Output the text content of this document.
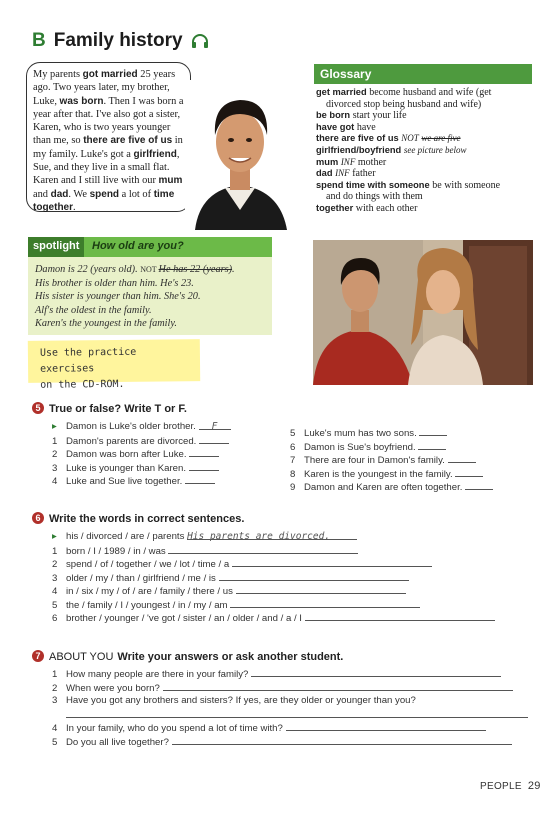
B Family history
My parents got married 25 years ago. Two years later, my brother, Luke, was born. Then I was born a year after that. I've also got a sister, Karen, who is two years younger than me, so there are five of us in my family. Luke's got a girlfriend, Sue, and they live in a small flat. Karen and I still live with our mum and dad. We spend a lot of time together.
Glossary
get married become husband and wife (get
divorced stop being husband and wife)
be born start your life
have got have
there are five of us NOT we are five
girlfriend/boyfriend see picture below
mum INF mother
dad INF father
spend time with someone be with someone
and do things with them
together with each other
spotlight	How old are you?
Damon is 22 (years old). NOT He has 22 (years).
His brother is older than him. He's 23.
His sister is younger than him. She's 20.
Alf's the oldest in the family.
Karen's the youngest in the family.
Use the practice exercises
on the CD-ROM.
5 True or false? Write T or F.
▸ Damon is Luke's older brother. F
1 Damon's parents are divorced.
2 Damon was born after Luke.
3 Luke is younger than Karen.
4 Luke and Sue live together.
5 Luke's mum has two sons.
6 Damon is Sue's boyfriend.
7 There are four in Damon's family.
8 Karen is the youngest in the family.
9 Damon and Karen are often together.
6 Write the words in correct sentences.
▸ his / divorced / are / parents His parents are divorced.
1 born / I / 1989 / in / was
2 spend / of / together / we / lot / time / a
3 older / my / than / girlfriend / me / is
4 in / six / my / of / are / family / there / us
5 the / family / I / youngest / in / my / am
6 brother / younger / 've got / sister / an / older / and / a / I
7 ABOUT YOU Write your answers or ask another student.
1 How many people are there in your family?
2 When were you born?
3 Have you got any brothers and sisters? If yes, are they older or younger than you?
4 In your family, who do you spend a lot of time with?
5 Do you all live together?
PEOPLE 29
